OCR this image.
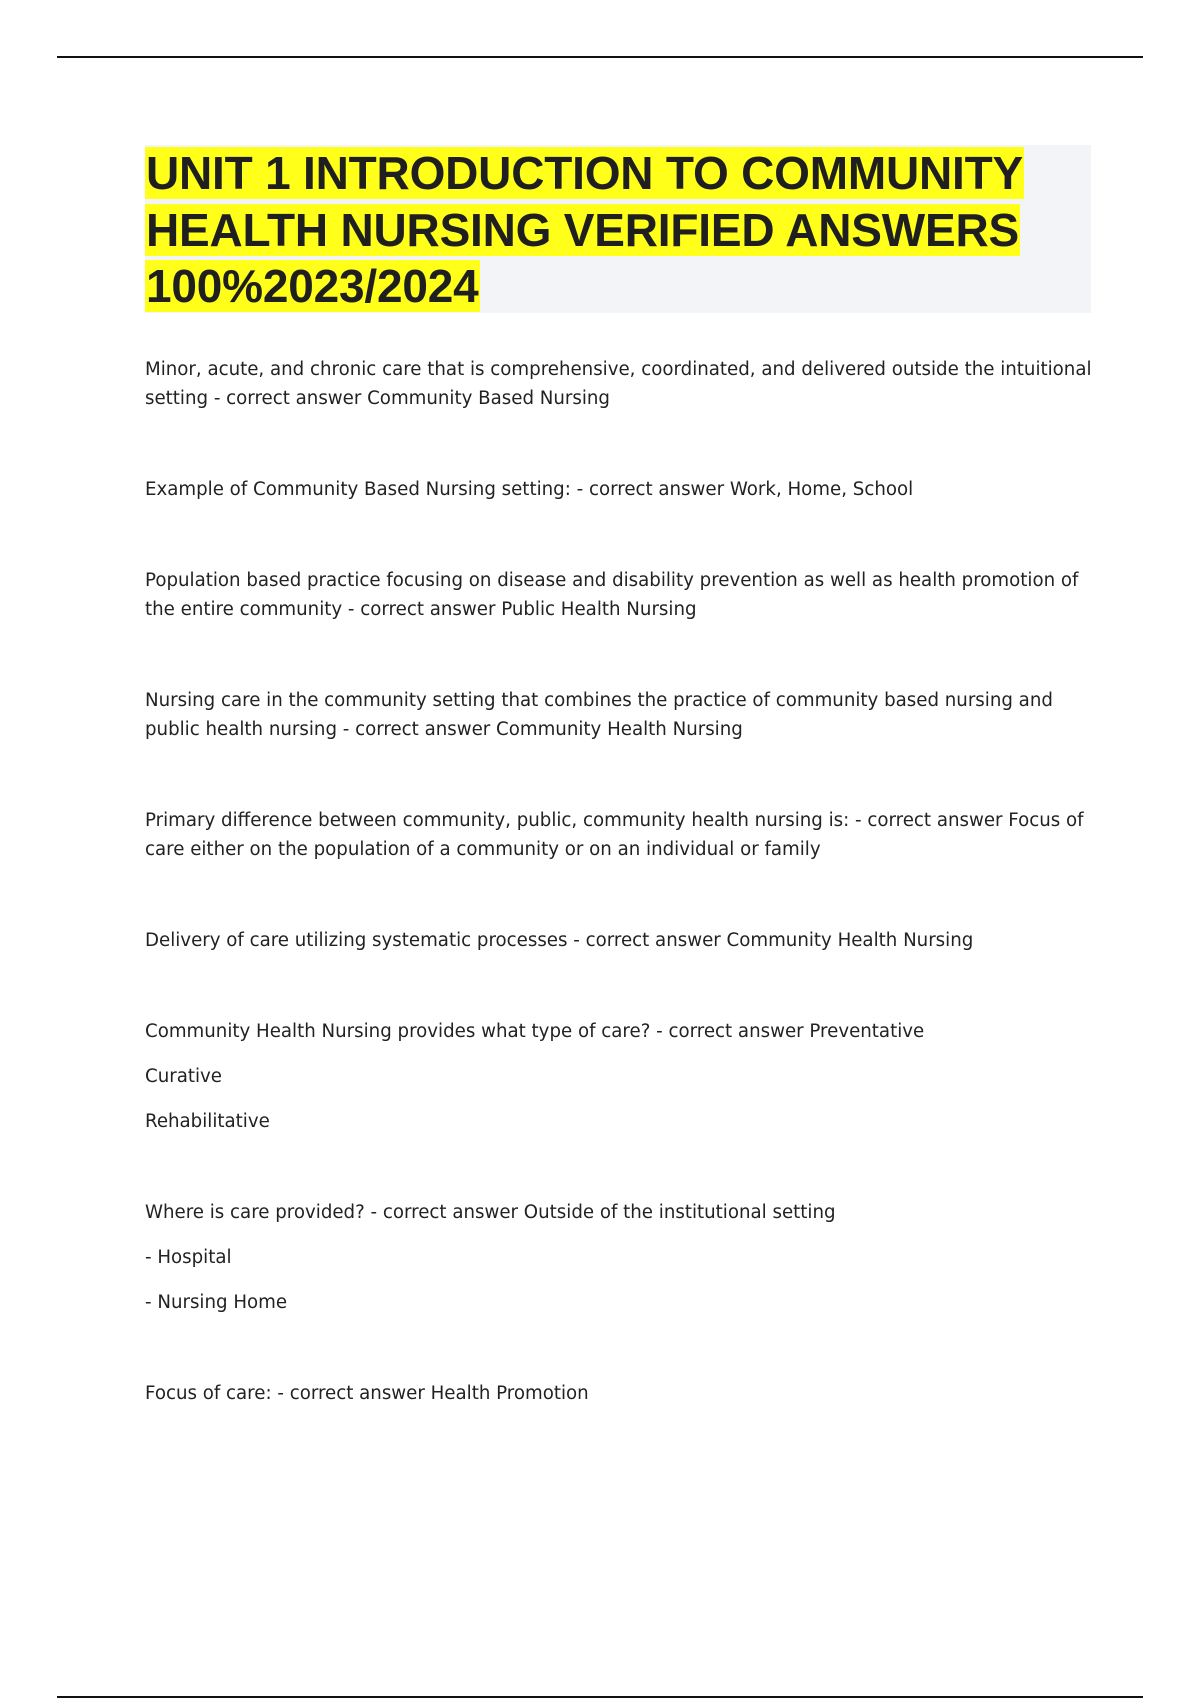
UNIT 1 INTRODUCTION TO COMMUNITY HEALTH NURSING VERIFIED ANSWERS 100%2023/2024

Minor, acute, and chronic care that is comprehensive, coordinated, and delivered outside the intuitional setting - correct answer Community Based Nursing

Example of Community Based Nursing setting: - correct answer Work, Home, School

Population based practice focusing on disease and disability prevention as well as health promotion of the entire community - correct answer Public Health Nursing

Nursing care in the community setting that combines the practice of community based nursing and public health nursing - correct answer Community Health Nursing

Primary difference between community, public, community health nursing is: - correct answer Focus of care either on the population of a community or on an individual or family

Delivery of care utilizing systematic processes - correct answer Community Health Nursing

Community Health Nursing provides what type of care? - correct answer Preventative

Curative

Rehabilitative

Where is care provided? - correct answer Outside of the institutional setting

- Hospital

- Nursing Home

Focus of care: - correct answer Health Promotion
